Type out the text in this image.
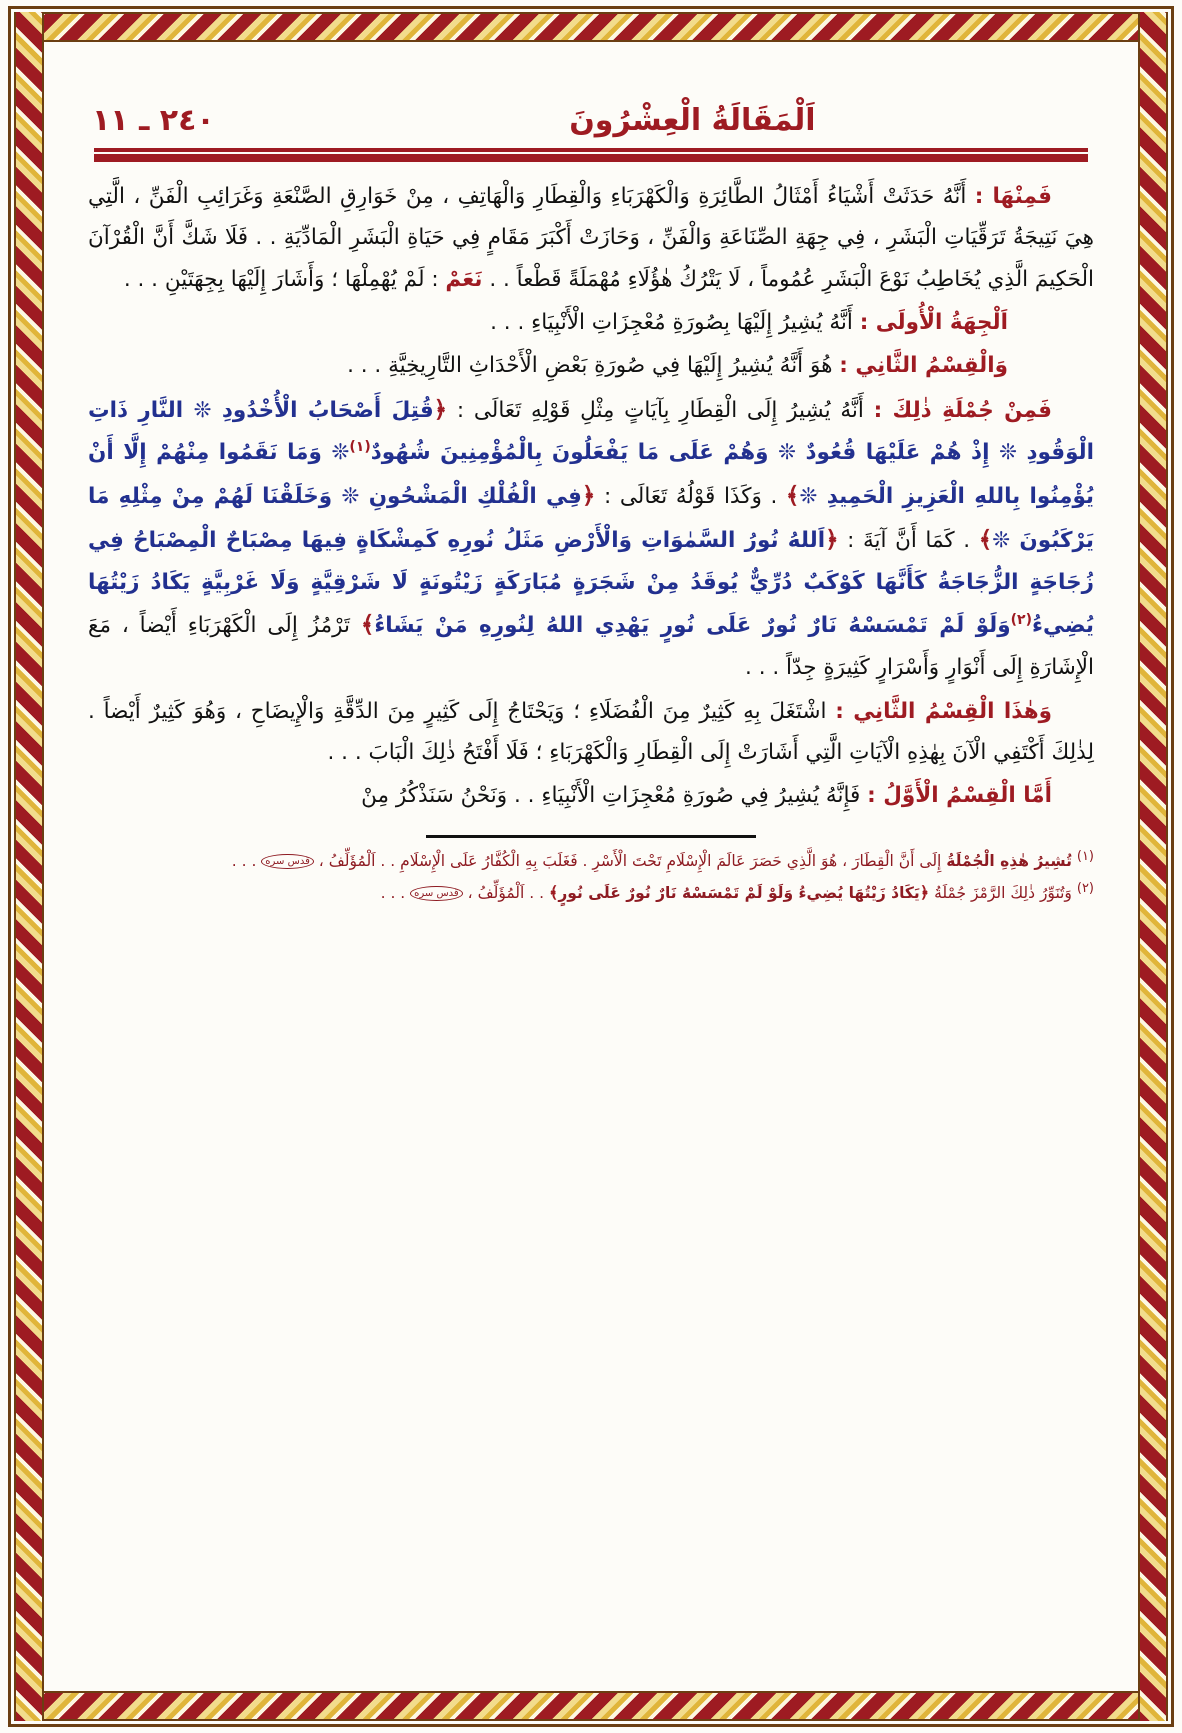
٢٤٠ ـ ١١	اَلْمَقَالَةُ الْعِشْرُونَ

فَمِنْهَا : أَنَّهُ حَدَثَتْ أَشْيَاءُ أَمْثَالُ الطَّائِرَةِ وَالْكَهْرَبَاءِ وَالْقِطَارِ وَالْهَاتِفِ ، مِنْ خَوَارِقِ الصَّنْعَةِ وَغَرَائِبِ الْفَنِّ ، الَّتِي هِيَ نَتِيجَةُ تَرَقِّيَاتِ الْبَشَرِ ، فِي جِهَةِ الصِّنَاعَةِ وَالْفَنِّ ، وَحَازَتْ أَكْبَرَ مَقَامٍ فِي حَيَاةِ الْبَشَرِ الْمَادِّيَةِ . . فَلَا شَكَّ أَنَّ الْقُرْآنَ الْحَكِيمَ الَّذِي يُخَاطِبُ نَوْعَ الْبَشَرِ عُمُوماً ، لَا يَتْرُكُ هٰؤُلَاءِ مُهْمَلَةً قَطْعاً . . نَعَمْ : لَمْ يُهْمِلْهَا ؛ وَأَشَارَ إِلَيْهَا بِجِهَتَيْنِ . . .

اَلْجِهَةُ الْأُولَى : أَنَّهُ يُشِيرُ إِلَيْهَا بِصُورَةِ مُعْجِزَاتِ الْأَنْبِيَاءِ . . .

وَالْقِسْمُ الثَّانِي : هُوَ أَنَّهُ يُشِيرُ إِلَيْهَا فِي صُورَةِ بَعْضِ الْأَحْدَاثِ التَّارِيخِيَّةِ . . .

فَمِنْ جُمْلَةِ ذٰلِكَ : أَنَّهُ يُشِيرُ إِلَى الْقِطَارِ بِآيَاتٍ مِثْلِ قَوْلِهِ تَعَالَى : ﴿قُتِلَ أَصْحَابُ الْأُخْدُودِ ❊ النَّارِ ذَاتِ الْوَقُودِ ❊ إِذْ هُمْ عَلَيْهَا قُعُودٌ ❊ وَهُمْ عَلَى مَا يَفْعَلُونَ بِالْمُؤْمِنِينَ شُهُودٌ$^{(١)}$❊ وَمَا نَقَمُوا مِنْهُمْ إِلَّا أَنْ يُؤْمِنُوا بِاللهِ الْعَزِيزِ الْحَمِيدِ ❊﴾ . وَكَذَا قَوْلُهُ تَعَالَى : ﴿فِي الْفُلْكِ الْمَشْحُونِ ❊ وَخَلَقْنَا لَهُمْ مِنْ مِثْلِهِ مَا يَرْكَبُونَ ❊﴾ . كَمَا أَنَّ آيَةَ : ﴿اَللهُ نُورُ السَّمٰوَاتِ وَالْأَرْضِ مَثَلُ نُورِهِ كَمِشْكَاةٍ فِيهَا مِصْبَاحٌ الْمِصْبَاحُ فِي زُجَاجَةٍ الزُّجَاجَةُ كَأَنَّهَا كَوْكَبٌ دُرِّيٌّ يُوقَدُ مِنْ شَجَرَةٍ مُبَارَكَةٍ زَيْتُونَةٍ لَا شَرْقِيَّةٍ وَلَا غَرْبِيَّةٍ يَكَادُ زَيْتُهَا يُضِيءُ$^{(٢)}$وَلَوْ لَمْ تَمْسَسْهُ نَارٌ نُورٌ عَلَى نُورٍ يَهْدِي اللهُ لِنُورِهِ مَنْ يَشَاءُ﴾ تَرْمُزُ إِلَى الْكَهْرَبَاءِ أَيْضاً ، مَعَ الْإِشَارَةِ إِلَى أَنْوَارٍ وَأَسْرَارٍ كَثِيرَةٍ جِدّاً . . .

وَهٰذَا الْقِسْمُ الثَّانِي : اشْتَغَلَ بِهِ كَثِيرٌ مِنَ الْفُضَلَاءِ ؛ وَيَحْتَاجُ إِلَى كَثِيرٍ مِنَ الدِّقَّةِ وَالْإِيضَاحِ ، وَهُوَ كَثِيرٌ أَيْضاً . لِذٰلِكَ أَكْتَفِي الْآنَ بِهٰذِهِ الْآيَاتِ الَّتِي أَشَارَتْ إِلَى الْقِطَارِ وَالْكَهْرَبَاءِ ؛ فَلَا أَفْتَحُ ذٰلِكَ الْبَابَ . . .

أَمَّا الْقِسْمُ الْأَوَّلُ : فَإِنَّهُ يُشِيرُ فِي صُورَةِ مُعْجِزَاتِ الْأَنْبِيَاءِ . . وَنَحْنُ سَنَذْكُرُ مِنْ

$^{(١)}$ تُشِيرُ هٰذِهِ الْجُمْلَةُ إِلَى أَنَّ الْقِطَارَ ، هُوَ الَّذِي حَصَرَ عَالَمَ الْإِسْلَامِ تَحْتَ الْأَسْرِ . فَغَلَبَ بِهِ الْكُفَّارُ عَلَى الْإِسْلَامِ . . اَلْمُؤَلِّفُ ، قدس سره . . .

$^{(٢)}$ وَتُنَوِّرُ ذٰلِكَ الرَّمْزَ جُمْلَةُ ﴿يَكَادُ زَيْتُهَا يُضِيءُ وَلَوْ لَمْ تَمْسَسْهُ نَارٌ نُورٌ عَلَى نُورٍ﴾ . . اَلْمُؤَلِّفُ ، قدس سره . . .
